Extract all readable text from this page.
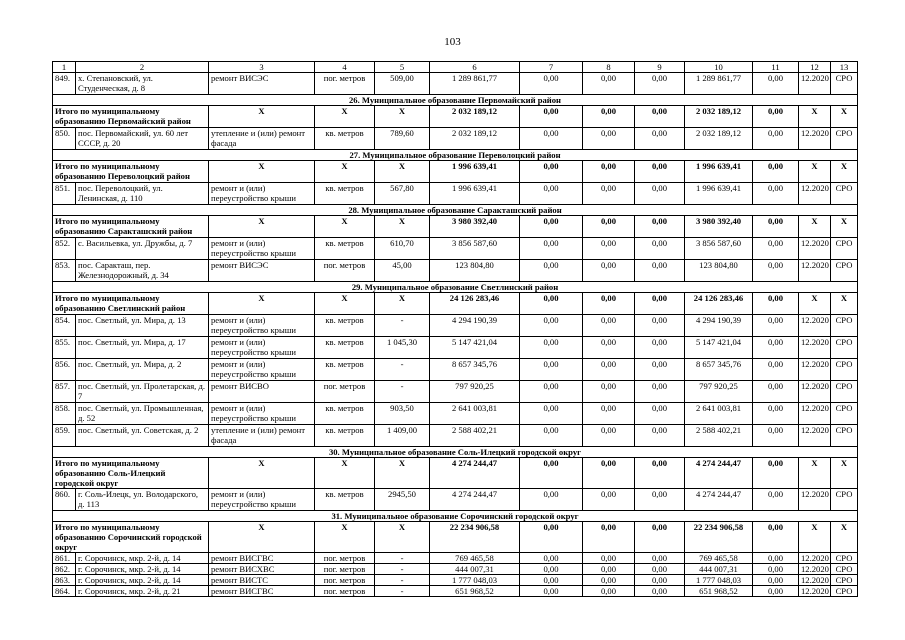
103
1	2	3	4	5	6	7	8	9	10	11	12	13
849.	х. Степановский, ул. Студенческая, д. 8	ремонт ВИСЭС	пог. метров	509,00	1 289 861,77	0,00	0,00	0,00	1 289 861,77	0,00	12.2020	СРО
26. Муниципальное образование Первомайский район												
Итого по муниципальному образованию Первомайский район		X	X	X	2 032 189,12	0,00	0,00	0,00	2 032 189,12	0,00	X	X
850.	пос. Первомайский, ул. 60 лет СССР, д. 20	утепление и (или) ремонт фасада	кв. метров	789,60	2 032 189,12	0,00	0,00	0,00	2 032 189,12	0,00	12.2020	СРО
27. Муниципальное образование Переволоцкий район												
Итого по муниципальному образованию Переволоцкий район		X	X	X	1 996 639,41	0,00	0,00	0,00	1 996 639,41	0,00	X	X
851.	пос. Переволоцкий, ул. Ленинская, д. 110	ремонт и (или) переустройство крыши	кв. метров	567,80	1 996 639,41	0,00	0,00	0,00	1 996 639,41	0,00	12.2020	СРО
28. Муниципальное образование Саракташский район												
Итого по муниципальному образованию Саракташский район		X	X	X	3 980 392,40	0,00	0,00	0,00	3 980 392,40	0,00	X	X
852.	с. Васильевка, ул. Дружбы, д. 7	ремонт и (или) переустройство крыши	кв. метров	610,70	3 856 587,60	0,00	0,00	0,00	3 856 587,60	0,00	12.2020	СРО
853.	пос. Саракташ, пер. Железнодорожный, д. 34	ремонт ВИСЭС	пог. метров	45,00	123 804,80	0,00	0,00	0,00	123 804,80	0,00	12.2020	СРО
29. Муниципальное образование Светлинский район												
Итого по муниципальному образованию Светлинский район		X	X	X	24 126 283,46	0,00	0,00	0,00	24 126 283,46	0,00	X	X
854.	пос. Светлый, ул. Мира, д. 13	ремонт и (или) переустройство крыши	кв. метров	-	4 294 190,39	0,00	0,00	0,00	4 294 190,39	0,00	12.2020	СРО
855.	пос. Светлый, ул. Мира, д. 17	ремонт и (или) переустройство крыши	кв. метров	1 045,30	5 147 421,04	0,00	0,00	0,00	5 147 421,04	0,00	12.2020	СРО
856.	пос. Светлый, ул. Мира, д. 2	ремонт и (или) переустройство крыши	кв. метров	-	8 657 345,76	0,00	0,00	0,00	8 657 345,76	0,00	12.2020	СРО
857.	пос. Светлый, ул. Пролетарская, д. 7	ремонт ВИСВО	пог. метров	-	797 920,25	0,00	0,00	0,00	797 920,25	0,00	12.2020	СРО
858.	пос. Светлый, ул. Промышленная, д. 52	ремонт и (или) переустройство крыши	кв. метров	903,50	2 641 003,81	0,00	0,00	0,00	2 641 003,81	0,00	12.2020	СРО
859.	пос. Светлый, ул. Советская, д. 2	утепление и (или) ремонт фасада	кв. метров	1 409,00	2 588 402,21	0,00	0,00	0,00	2 588 402,21	0,00	12.2020	СРО
30. Муниципальное образование Соль-Илецкий городской округ												
Итого по муниципальному образованию Соль-Илецкий городской округ		X	X	X	4 274 244,47	0,00	0,00	0,00	4 274 244,47	0,00	X	X
860.	г. Соль-Илецк, ул. Володарского, д. 113	ремонт и (или) переустройство крыши	кв. метров	2945,50	4 274 244,47	0,00	0,00	0,00	4 274 244,47	0,00	12.2020	СРО
31. Муниципальное образование Сорочинский городской округ												
Итого по муниципальному образованию Сорочинский городской округ		X	X	X	22 234 906,58	0,00	0,00	0,00	22 234 906,58	0,00	X	X
861.	г. Сорочинск, мкр. 2-й, д. 14	ремонт ВИСГВС	пог. метров	-	769 465,58	0,00	0,00	0,00	769 465,58	0,00	12.2020	СРО
862.	г. Сорочинск, мкр. 2-й, д. 14	ремонт ВИСХВС	пог. метров	-	444 007,31	0,00	0,00	0,00	444 007,31	0,00	12.2020	СРО
863.	г. Сорочинск, мкр. 2-й, д. 14	ремонт ВИСТС	пог. метров	-	1 777 048,03	0,00	0,00	0,00	1 777 048,03	0,00	12.2020	СРО
864.	г. Сорочинск, мкр. 2-й, д. 21	ремонт ВИСГВС	пог. метров	-	651 968,52	0,00	0,00	0,00	651 968,52	0,00	12.2020	СРО
